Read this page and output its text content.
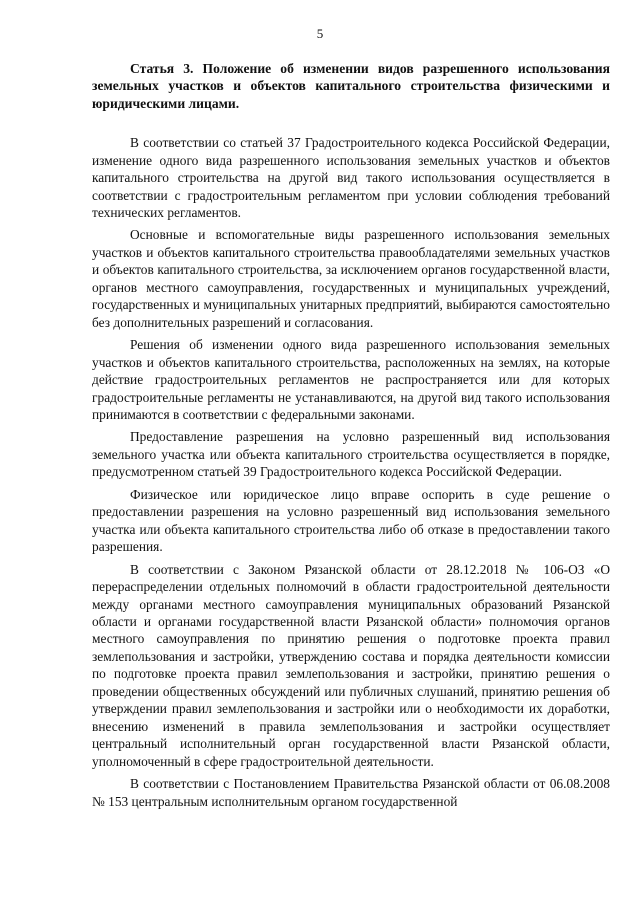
5

Статья 3. Положение об изменении видов разрешенного использования земельных участков и объектов капитального строительства физическими и юридическими лицами.

В соответствии со статьей 37 Градостроительного кодекса Российской Федерации, изменение одного вида разрешенного использования земельных участков и объектов капитального строительства на другой вид такого использования осуществляется в соответствии с градостроительным регламентом при условии соблюдения требований технических регламентов.

Основные и вспомогательные виды разрешенного использования земельных участков и объектов капитального строительства правообладателями земельных участков и объектов капитального строительства, за исключением органов государственной власти, органов местного самоуправления, государственных и муниципальных учреждений, государственных и муниципальных унитарных предприятий, выбираются самостоятельно без дополнительных разрешений и согласования.

Решения об изменении одного вида разрешенного использования земельных участков и объектов капитального строительства, расположенных на землях, на которые действие градостроительных регламентов не распространяется или для которых градостроительные регламенты не устанавливаются, на другой вид такого использования принимаются в соответствии с федеральными законами.

Предоставление разрешения на условно разрешенный вид использования земельного участка или объекта капитального строительства осуществляется в порядке, предусмотренном статьей 39 Градостроительного кодекса Российской Федерации.

Физическое или юридическое лицо вправе оспорить в суде решение о предоставлении разрешения на условно разрешенный вид использования земельного участка или объекта капитального строительства либо об отказе в предоставлении такого разрешения.

В соответствии с Законом Рязанской области от 28.12.2018 № 106-ОЗ «О перераспределении отдельных полномочий в области градостроительной деятельности между органами местного самоуправления муниципальных образований Рязанской области и органами государственной власти Рязанской области» полномочия органов местного самоуправления по принятию решения о подготовке проекта правил землепользования и застройки, утверждению состава и порядка деятельности комиссии по подготовке проекта правил землепользования и застройки, принятию решения о проведении общественных обсуждений или публичных слушаний, принятию решения об утверждении правил землепользования и застройки или о необходимости их доработки, внесению изменений в правила землепользования и застройки осуществляет центральный исполнительный орган государственной власти Рязанской области, уполномоченный в сфере градостроительной деятельности.

В соответствии с Постановлением Правительства Рязанской области от 06.08.2008 № 153 центральным исполнительным органом государственной
